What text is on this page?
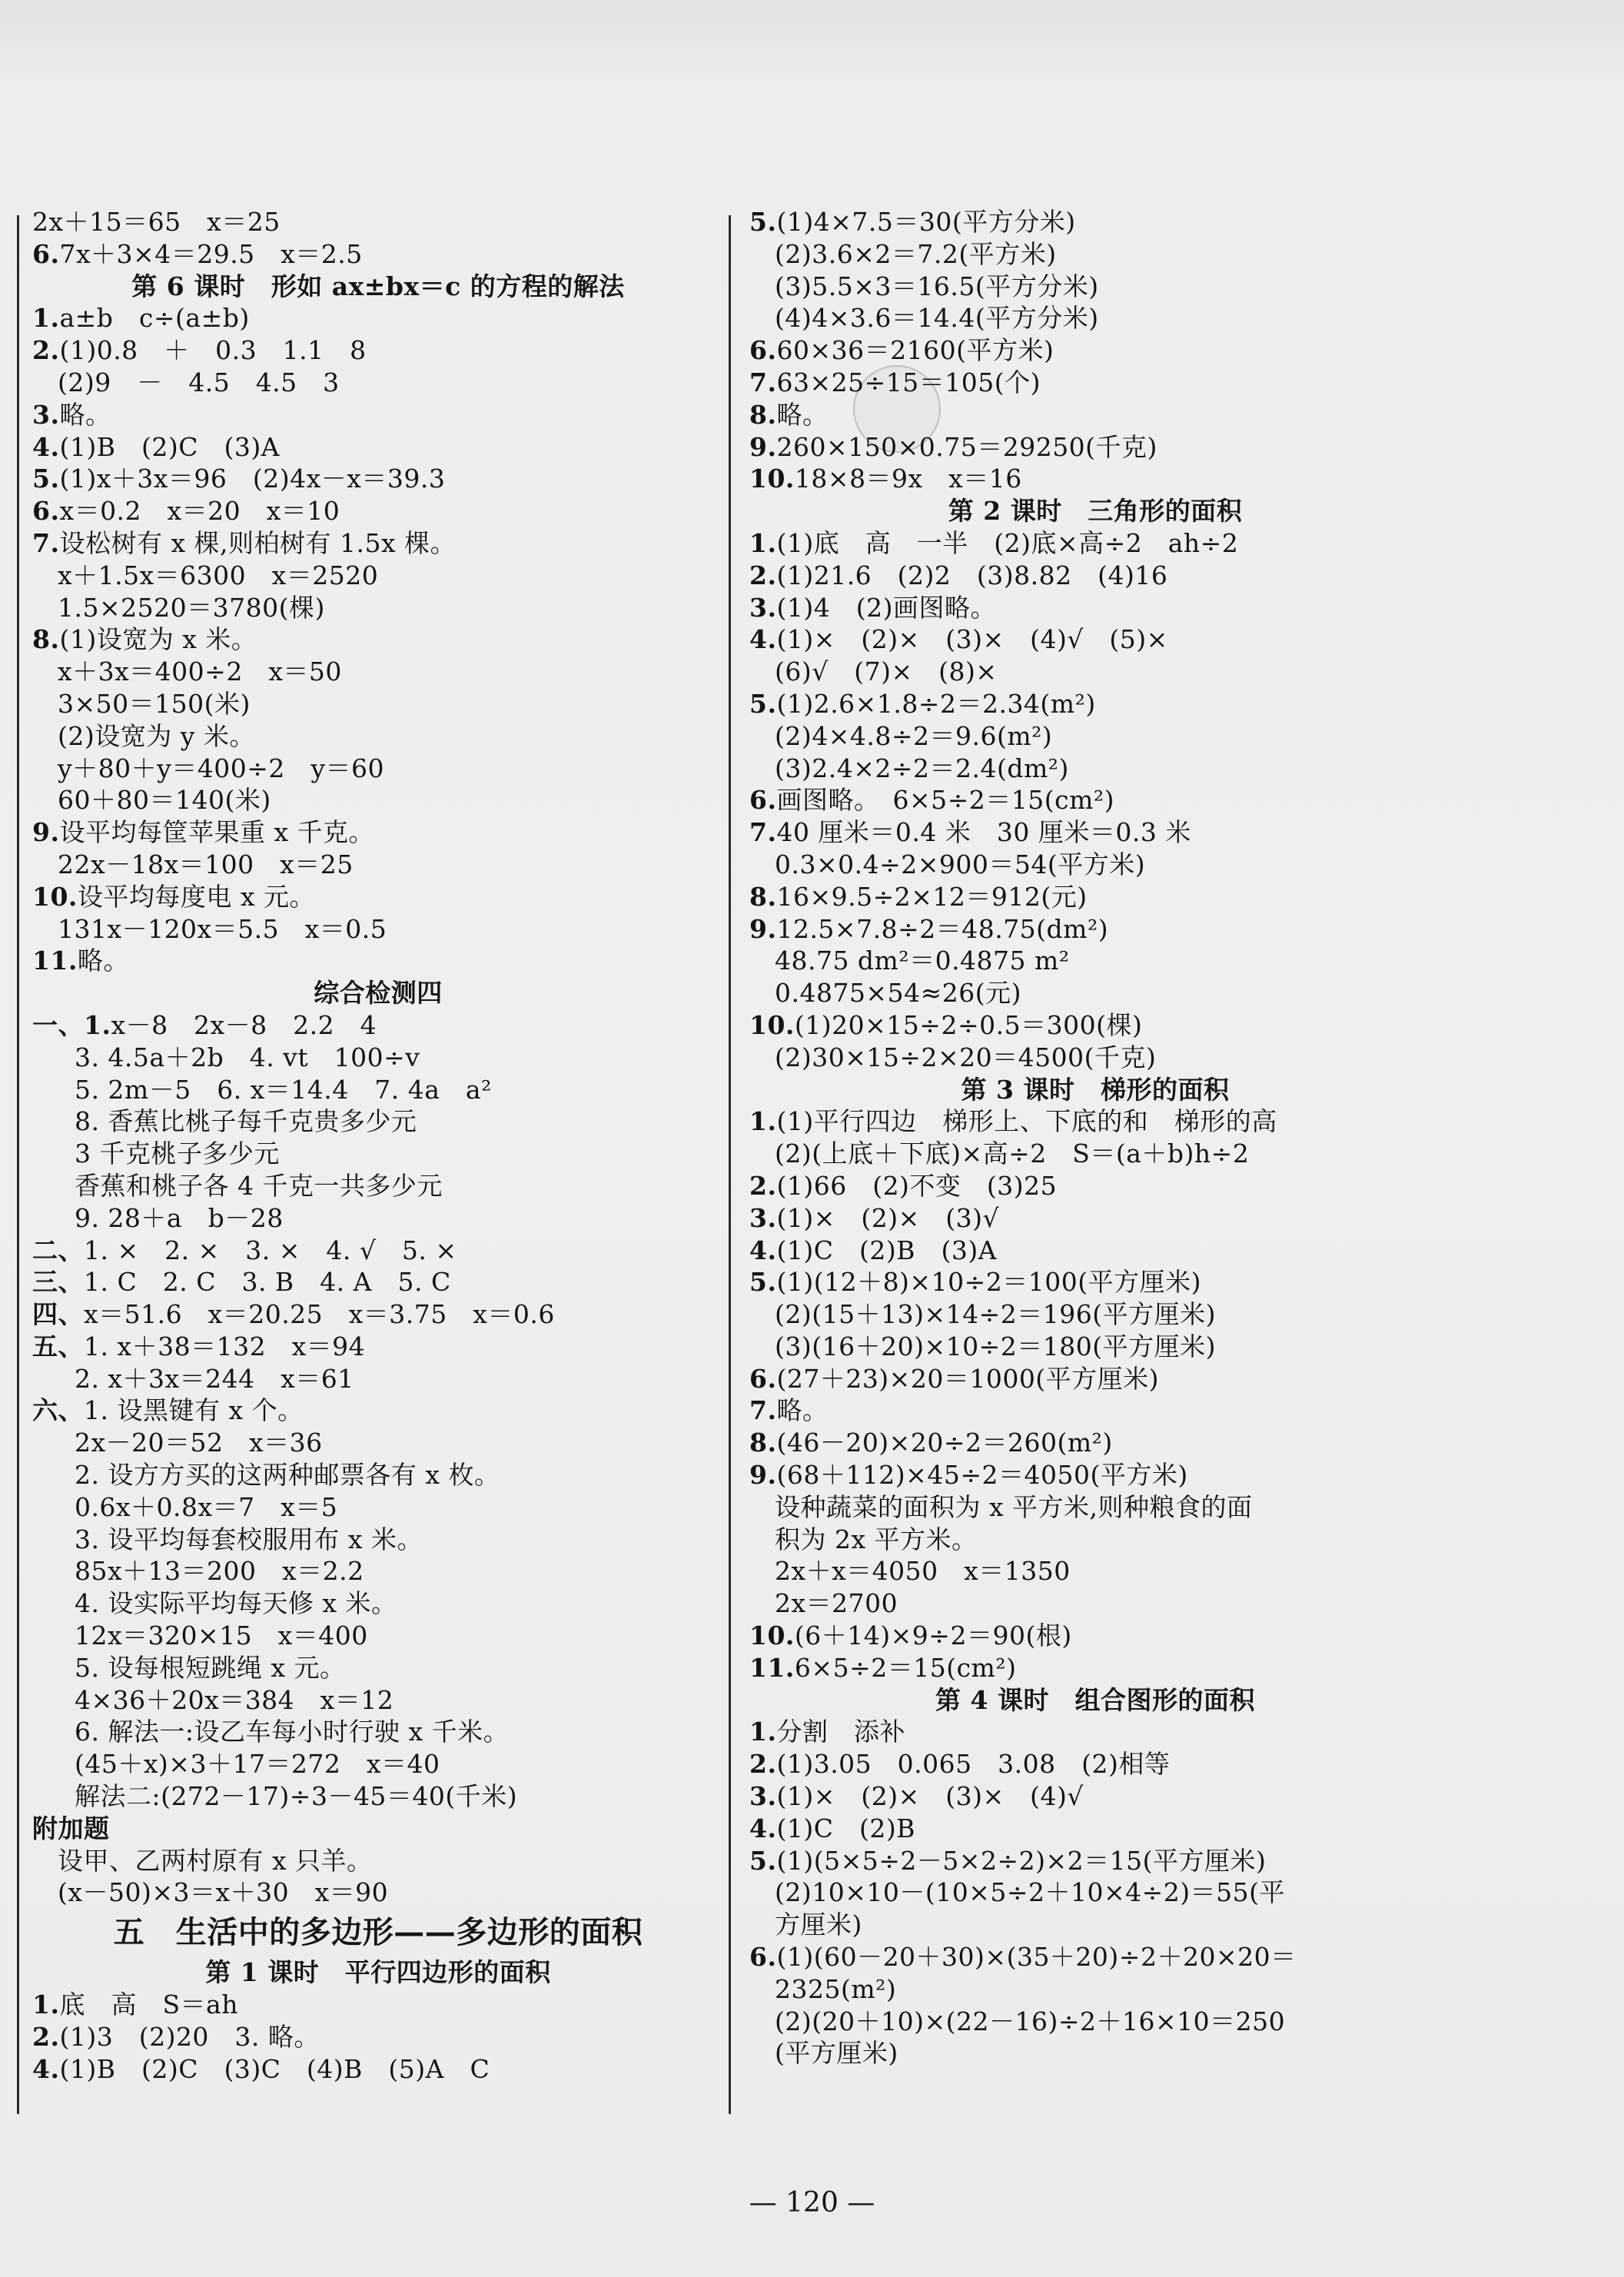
2x＋15＝65　x＝25
6.7x＋3×4＝29.5　x＝2.5
第 6 课时　形如 ax±bx＝c 的方程的解法
1.a±b　c÷(a±b)
2.(1)0.8　＋　0.3　1.1　8
(2)9　－　4.5　4.5　3
3.略。
4.(1)B　(2)C　(3)A
5.(1)x＋3x＝96　(2)4x－x＝39.3
6.x＝0.2　x＝20　x＝10
7.设松树有 x 棵,则柏树有 1.5x 棵。
x＋1.5x＝6300　x＝2520
1.5×2520＝3780(棵)
8.(1)设宽为 x 米。
x＋3x＝400÷2　x＝50
3×50＝150(米)
(2)设宽为 y 米。
y＋80＋y＝400÷2　y＝60
60＋80＝140(米)
9.设平均每筐苹果重 x 千克。
22x－18x＝100　x＝25
10.设平均每度电 x 元。
131x－120x＝5.5　x＝0.5
11.略。
综合检测四
一、1.x－8　2x－8　2.2　4
3. 4.5a＋2b　4. vt　100÷v
5. 2m－5　6. x＝14.4　7. 4a　a²
8. 香蕉比桃子每千克贵多少元
3 千克桃子多少元
香蕉和桃子各 4 千克一共多少元
9. 28＋a　b－28
二、1. ×　2. ×　3. ×　4. √　5. ×
三、1. C　2. C　3. B　4. A　5. C
四、x＝51.6　x＝20.25　x＝3.75　x＝0.6
五、1. x＋38＝132　x＝94
2. x＋3x＝244　x＝61
六、1. 设黑键有 x 个。
2x－20＝52　x＝36
2. 设方方买的这两种邮票各有 x 枚。
0.6x＋0.8x＝7　x＝5
3. 设平均每套校服用布 x 米。
85x＋13＝200　x＝2.2
4. 设实际平均每天修 x 米。
12x＝320×15　x＝400
5. 设每根短跳绳 x 元。
4×36＋20x＝384　x＝12
6. 解法一:设乙车每小时行驶 x 千米。
(45＋x)×3＋17＝272　x＝40
解法二:(272－17)÷3－45＝40(千米)
附加题
设甲、乙两村原有 x 只羊。
(x－50)×3＝x＋30　x＝90
五　生活中的多边形——多边形的面积
第 1 课时　平行四边形的面积
1.底　高　S＝ah
2.(1)3　(2)20　3. 略。
4.(1)B　(2)C　(3)C　(4)B　(5)A　C
5.(1)4×7.5＝30(平方分米)
(2)3.6×2＝7.2(平方米)
(3)5.5×3＝16.5(平方分米)
(4)4×3.6＝14.4(平方分米)
6.60×36＝2160(平方米)
7.63×25÷15＝105(个)
8.略。
9.260×150×0.75＝29250(千克)
10.18×8＝9x　x＝16
第 2 课时　三角形的面积
1.(1)底　高　一半　(2)底×高÷2　ah÷2
2.(1)21.6　(2)2　(3)8.82　(4)16
3.(1)4　(2)画图略。
4.(1)×　(2)×　(3)×　(4)√　(5)×
(6)√　(7)×　(8)×
5.(1)2.6×1.8÷2＝2.34(m²)
(2)4×4.8÷2＝9.6(m²)
(3)2.4×2÷2＝2.4(dm²)
6.画图略。　6×5÷2＝15(cm²)
7.40 厘米＝0.4 米　30 厘米＝0.3 米
0.3×0.4÷2×900＝54(平方米)
8.16×9.5÷2×12＝912(元)
9.12.5×7.8÷2＝48.75(dm²)
48.75 dm²＝0.4875 m²
0.4875×54≈26(元)
10.(1)20×15÷2÷0.5＝300(棵)
(2)30×15÷2×20＝4500(千克)
第 3 课时　梯形的面积
1.(1)平行四边　梯形上、下底的和　梯形的高
(2)(上底＋下底)×高÷2　S＝(a＋b)h÷2
2.(1)66　(2)不变　(3)25
3.(1)×　(2)×　(3)√
4.(1)C　(2)B　(3)A
5.(1)(12＋8)×10÷2＝100(平方厘米)
(2)(15＋13)×14÷2＝196(平方厘米)
(3)(16＋20)×10÷2＝180(平方厘米)
6.(27＋23)×20＝1000(平方厘米)
7.略。
8.(46－20)×20÷2＝260(m²)
9.(68＋112)×45÷2＝4050(平方米)
设种蔬菜的面积为 x 平方米,则种粮食的面
积为 2x 平方米。
2x＋x＝4050　x＝1350
2x＝2700
10.(6＋14)×9÷2＝90(根)
11.6×5÷2＝15(cm²)
第 4 课时　组合图形的面积
1.分割　添补
2.(1)3.05　0.065　3.08　(2)相等
3.(1)×　(2)×　(3)×　(4)√
4.(1)C　(2)B
5.(1)(5×5÷2－5×2÷2)×2＝15(平方厘米)
(2)10×10－(10×5÷2＋10×4÷2)＝55(平
方厘米)
6.(1)(60－20＋30)×(35＋20)÷2＋20×20＝
2325(m²)
(2)(20＋10)×(22－16)÷2＋16×10＝250
(平方厘米)
— 120 —
